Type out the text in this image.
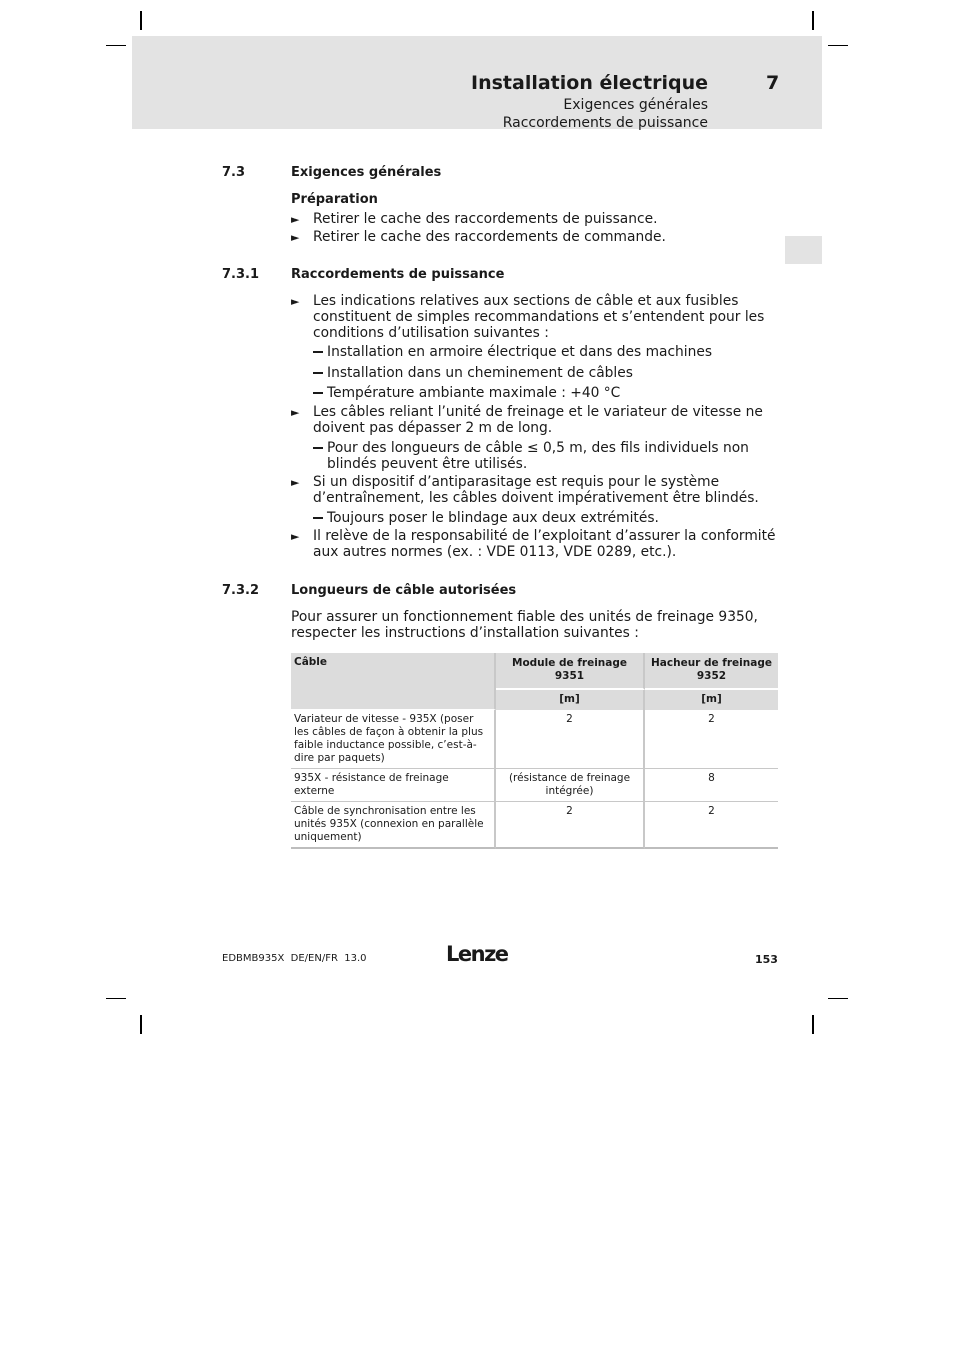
Installation électrique	7
Exigences générales
Raccordements de puissance
7.3	Exigences générales
Préparation
► Retirer le cache des raccordements de puissance.
► Retirer le cache des raccordements de commande.
7.3.1 Raccordements de puissance
► Les indications relatives aux sections de câble et aux fusibles constituent de simples recommandations et s’entendent pour les conditions d’utilisation suivantes :
Installation en armoire électrique et dans des machines
Installation dans un cheminement de câbles
Température ambiante maximale : +40 °C
► Les câbles reliant l’unité de freinage et le variateur de vitesse ne doivent pas dépasser 2 m de long.
Pour des longueurs de câble ≤ 0,5 m, des fils individuels non blindés peuvent être utilisés.
► Si un dispositif d’antiparasitage est requis pour le système d’entraînement, les câbles doivent impérativement être blindés.
Toujours poser le blindage aux deux extrémités.
► Il relève de la responsabilité de l’exploitant d’assurer la conformité aux autres normes (ex. : VDE 0113, VDE 0289, etc.).
7.3.2 Longueurs de câble autorisées
Pour assurer un fonctionnement fiable des unités de freinage 9350, respecter les instructions d’installation suivantes :
Câble	Module de freinage 9351	Hacheur de freinage 9352
	[m]	[m]
Variateur de vitesse - 935X (poser les câbles de façon à obtenir la plus faible inductance possible, c’est-à-dire par paquets)	2	2
935X - résistance de freinage externe	(résistance de freinage intégrée)	8
Câble de synchronisation entre les unités 935X (connexion en parallèle uniquement)	2	2
EDBMB935X  DE/EN/FR  13.0	Lenze	153
